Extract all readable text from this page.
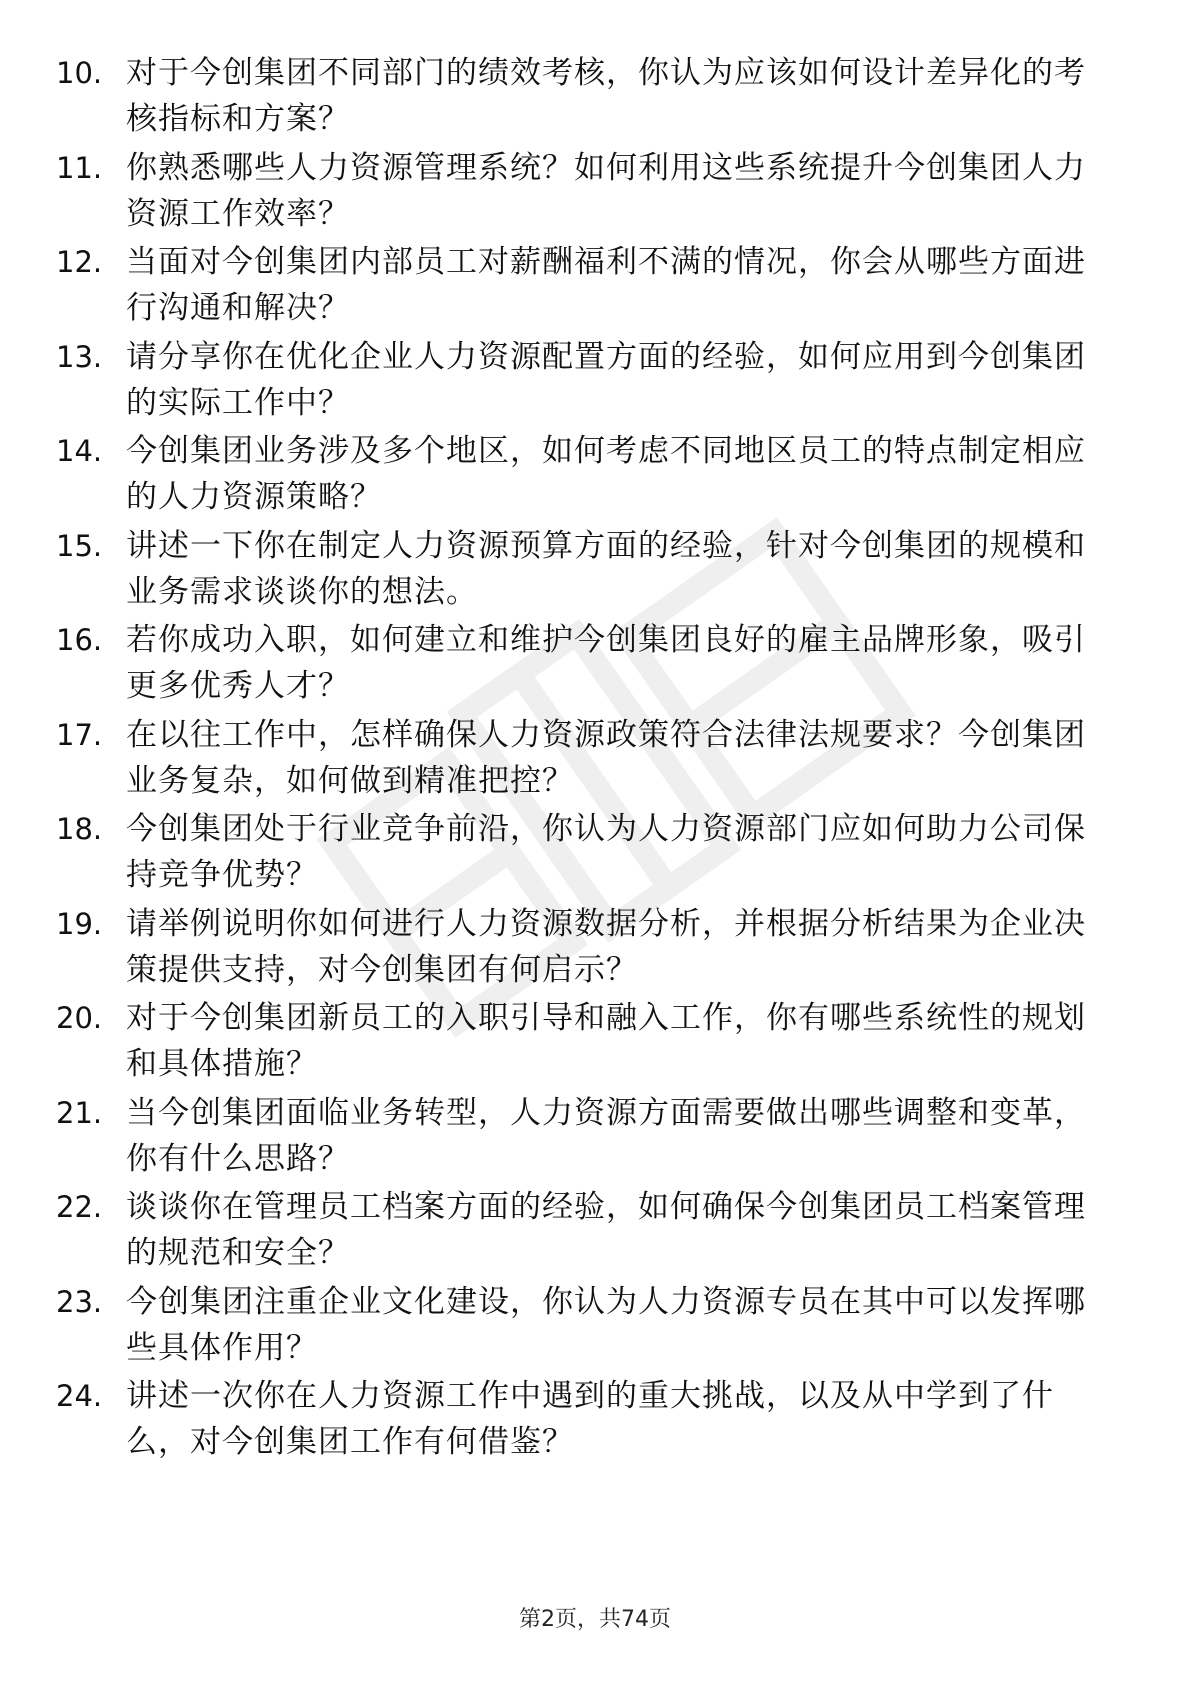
10. 对于今创集团不同部门的绩效考核，你认为应该如何设计差异化的考核指标和方案？
11. 你熟悉哪些人力资源管理系统？如何利用这些系统提升今创集团人力资源工作效率？
12. 当面对今创集团内部员工对薪酬福利不满的情况，你会从哪些方面进行沟通和解决？
13. 请分享你在优化企业人力资源配置方面的经验，如何应用到今创集团的实际工作中？
14. 今创集团业务涉及多个地区，如何考虑不同地区员工的特点制定相应的人力资源策略？
15. 讲述一下你在制定人力资源预算方面的经验，针对今创集团的规模和业务需求谈谈你的想法。
16. 若你成功入职，如何建立和维护今创集团良好的雇主品牌形象，吸引更多优秀人才？
17. 在以往工作中，怎样确保人力资源政策符合法律法规要求？今创集团业务复杂，如何做到精准把控？
18. 今创集团处于行业竞争前沿，你认为人力资源部门应如何助力公司保持竞争优势？
19. 请举例说明你如何进行人力资源数据分析，并根据分析结果为企业决策提供支持，对今创集团有何启示？
20. 对于今创集团新员工的入职引导和融入工作，你有哪些系统性的规划和具体措施？
21. 当今创集团面临业务转型，人力资源方面需要做出哪些调整和变革，你有什么思路？
22. 谈谈你在管理员工档案方面的经验，如何确保今创集团员工档案管理的规范和安全？
23. 今创集团注重企业文化建设，你认为人力资源专员在其中可以发挥哪些具体作用？
24. 讲述一次你在人力资源工作中遇到的重大挑战，以及从中学到了什么，对今创集团工作有何借鉴？
第2页，共74页
